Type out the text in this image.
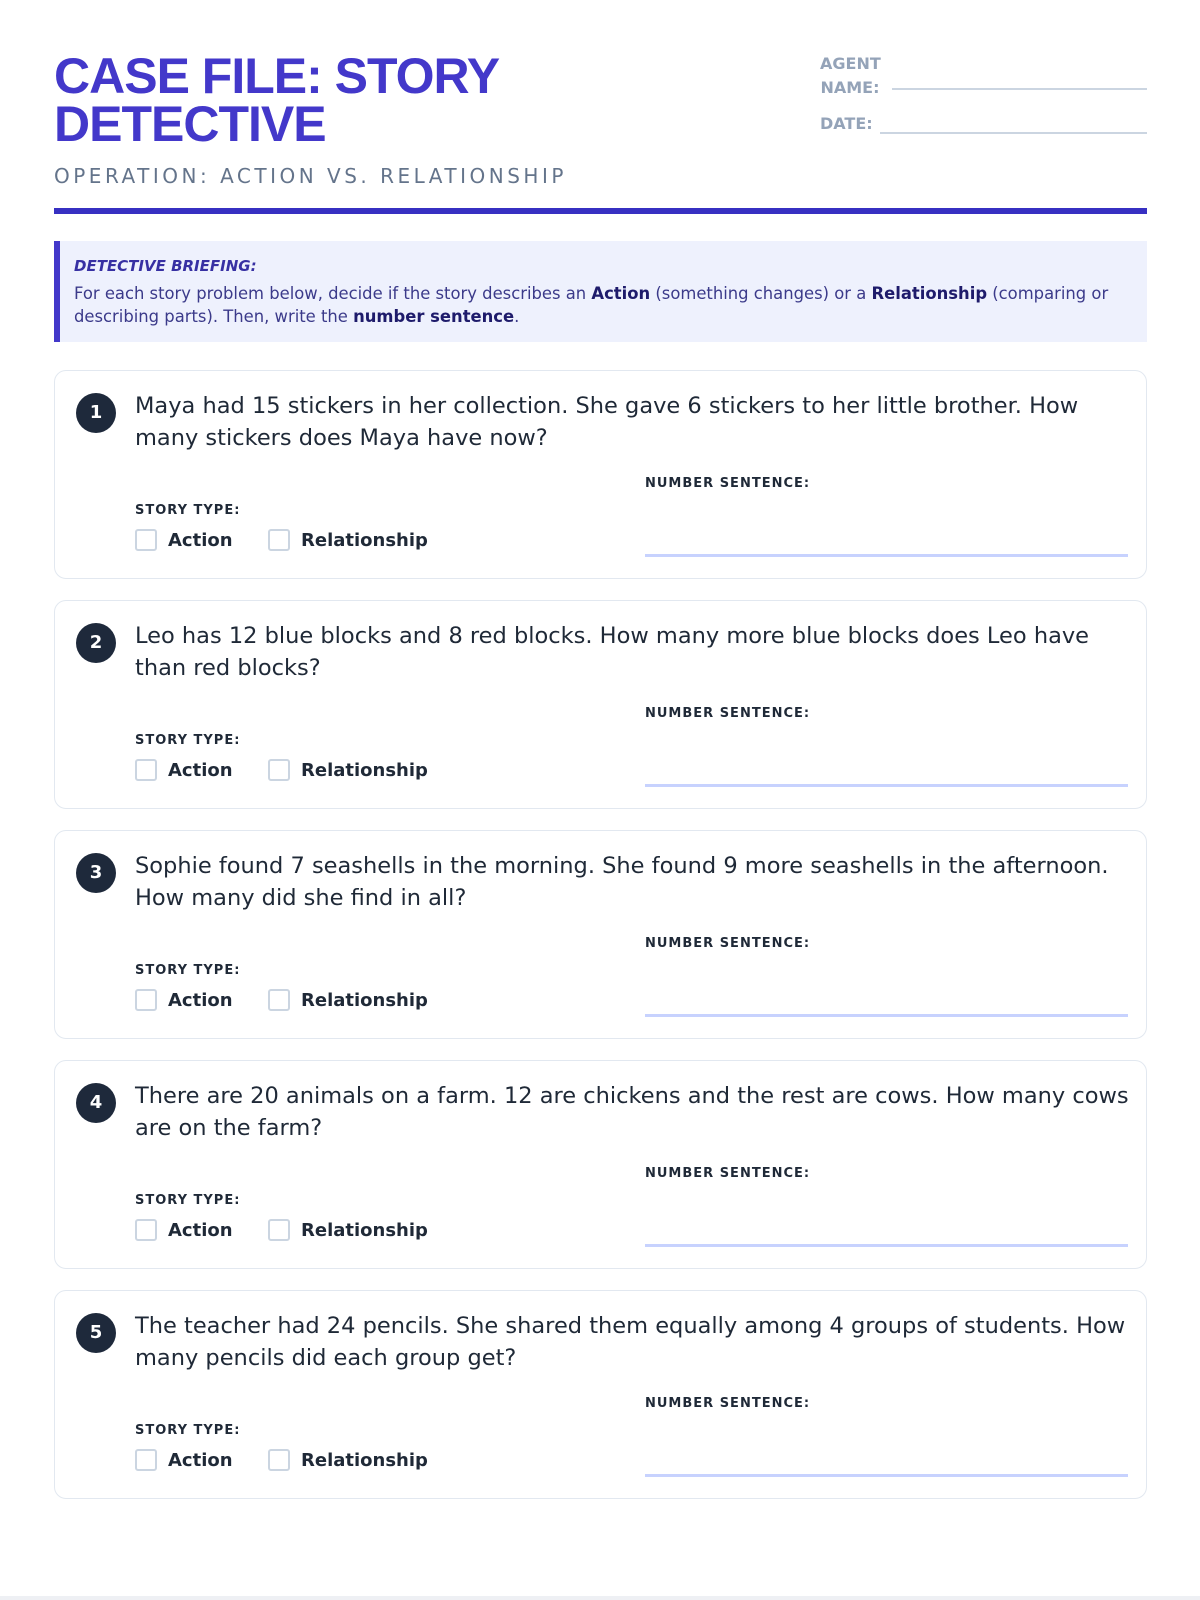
CASE FILE: STORY DETECTIVE
OPERATION: ACTION VS. RELATIONSHIP
AGENT NAME:
DATE:
DETECTIVE BRIEFING:
For each story problem below, decide if the story describes an Action (something changes) or a Relationship (comparing or describing parts). Then, write the number sentence.
1	Maya had 15 stickers in her collection. She gave 6 stickers to her little brother. How many stickers does Maya have now?
STORY TYPE:
Action	Relationship
NUMBER SENTENCE:
2	Leo has 12 blue blocks and 8 red blocks. How many more blue blocks does Leo have than red blocks?
STORY TYPE:
Action	Relationship
NUMBER SENTENCE:
3	Sophie found 7 seashells in the morning. She found 9 more seashells in the afternoon. How many did she find in all?
STORY TYPE:
Action	Relationship
NUMBER SENTENCE:
4	There are 20 animals on a farm. 12 are chickens and the rest are cows. How many cows are on the farm?
STORY TYPE:
Action	Relationship
NUMBER SENTENCE:
5	The teacher had 24 pencils. She shared them equally among 4 groups of students. How many pencils did each group get?
STORY TYPE:
Action	Relationship
NUMBER SENTENCE:
